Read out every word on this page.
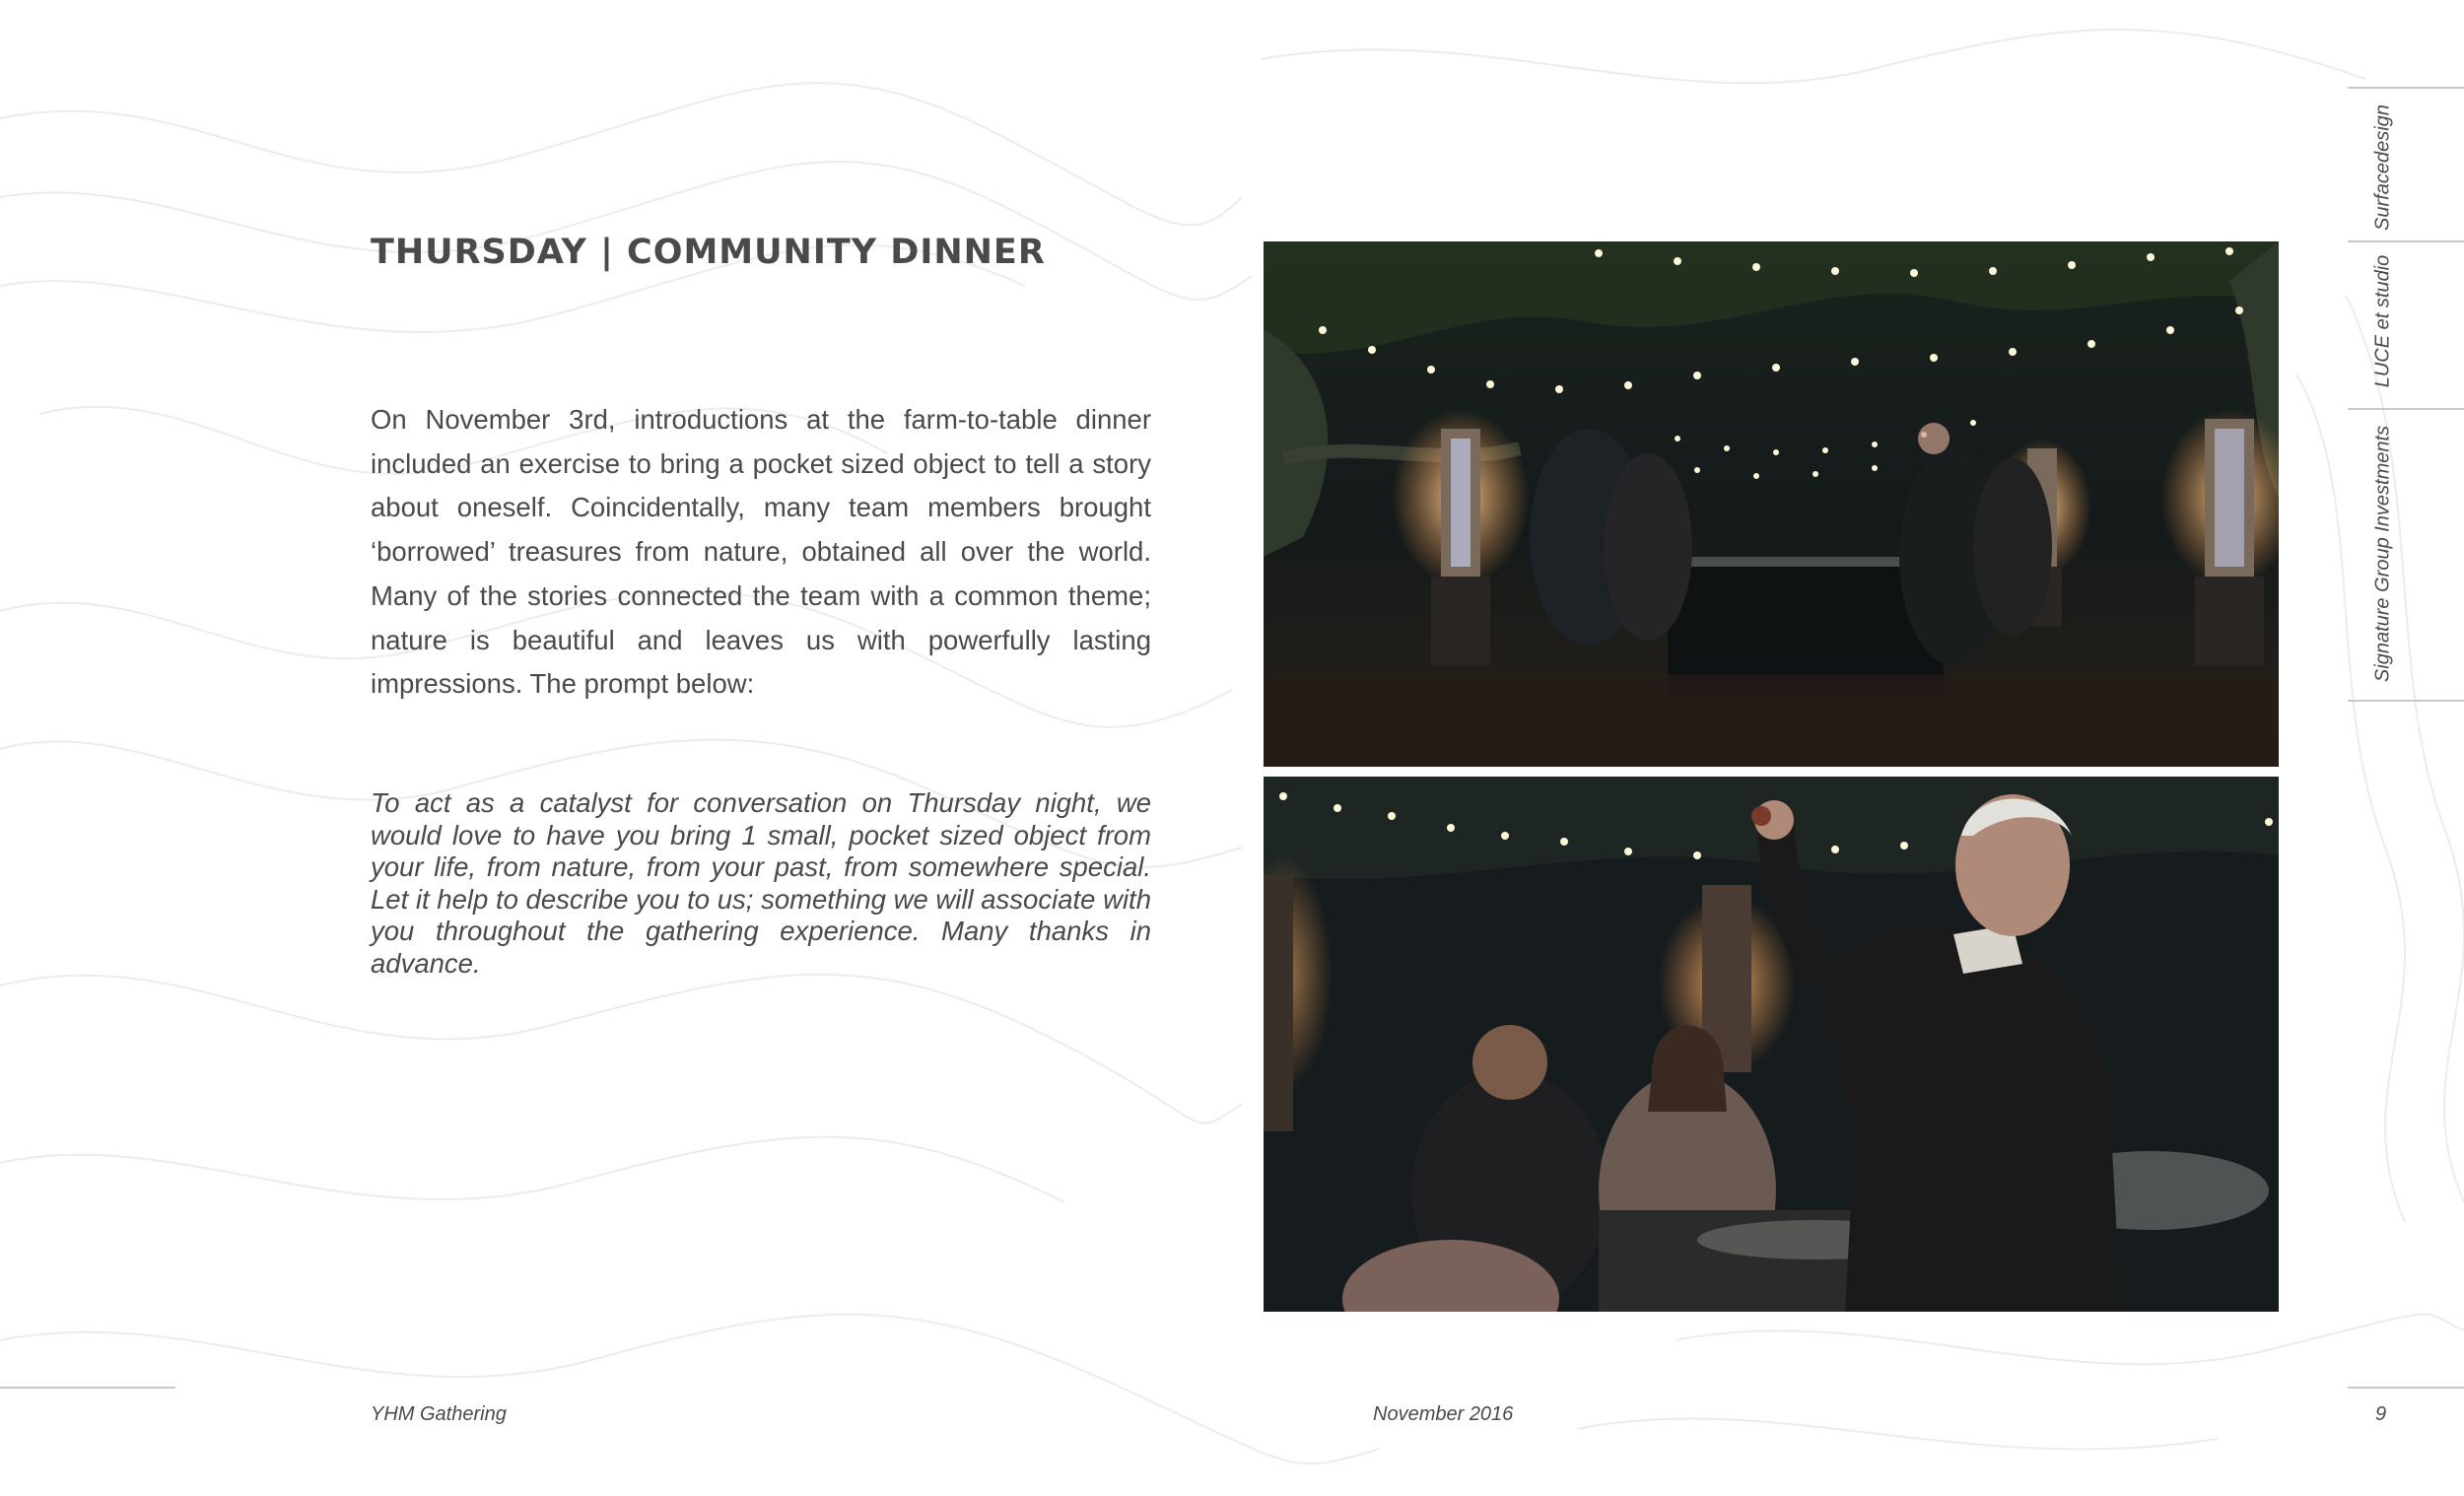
THURSDAY | COMMUNITY DINNER

On November 3rd, introductions at the farm-to-table dinner included an exercise to bring a pocket sized object to tell a story about oneself. Coincidentally, many team members brought ‘borrowed’ treasures from nature, obtained all over the world. Many of the stories connected the team with a common theme; nature is beautiful and leaves us with powerfully lasting impressions. The prompt below:

To act as a catalyst for conversation on Thursday night, we would love to have you bring 1 small, pocket sized object from your life, from nature, from your past, from somewhere special. Let it help to describe you to us; something we will associate with you throughout the gathering experience. Many thanks in advance.

Surfacedesign
LUCE et studio
Signature Group Investments
YHM Gathering	November 2016	9
